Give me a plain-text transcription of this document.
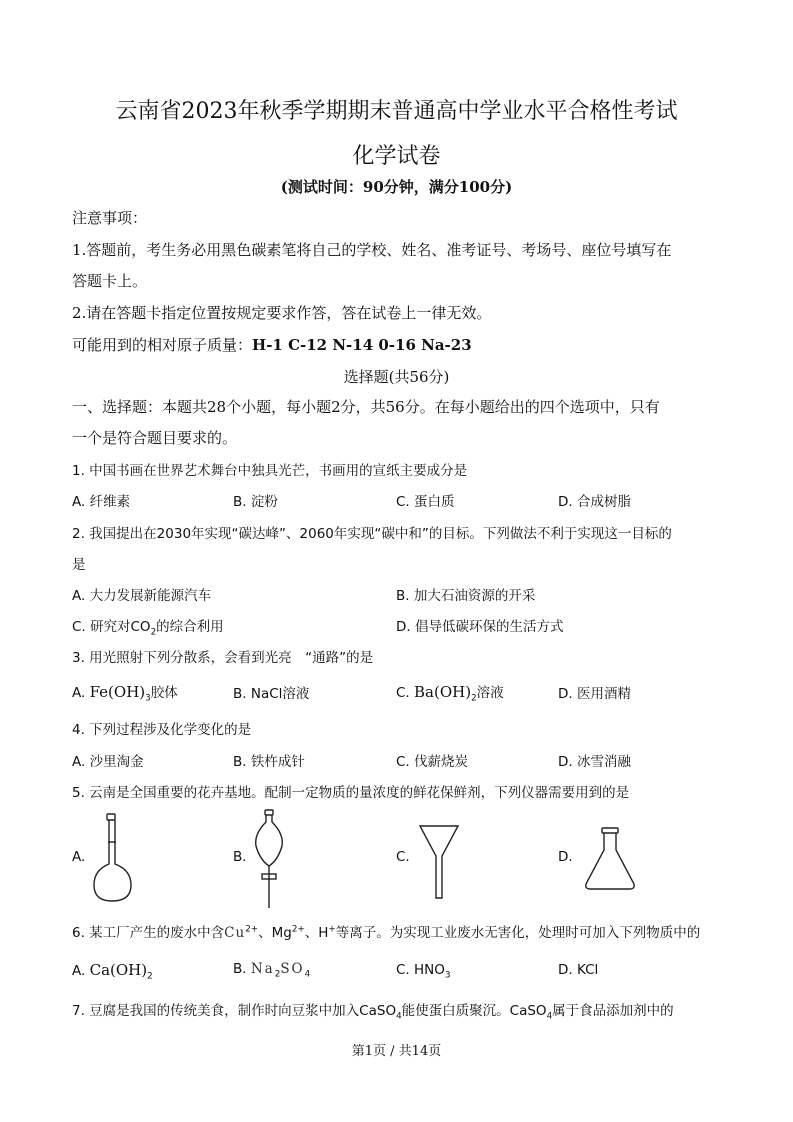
云南省2023年秋季学期期末普通高中学业水平合格性考试
化学试卷
(测试时间：90分钟，满分100分)
注意事项：
1.答题前，考生务必用黑色碳素笔将自己的学校、姓名、准考证号、考场号、座位号填写在
答题卡上。
2.请在答题卡指定位置按规定要求作答，答在试卷上一律无效。
可能用到的相对原子质量：H-1 C-12 N-14 0-16 Na-23
选择题(共56分)
一、选择题：本题共28个小题，每小题2分，共56分。在每小题给出的四个选项中，只有
一个是符合题目要求的。
1. 中国书画在世界艺术舞台中独具光芒，书画用的宣纸主要成分是
A. 纤维素	B. 淀粉	C. 蛋白质	D. 合成树脂
2. 我国提出在2030年实现“碳达峰”、2060年实现“碳中和”的目标。下列做法不利于实现这一目标的
是
A. 大力发展新能源汽车	B. 加大石油资源的开采
C. 研究对$CO_2$的综合利用	D. 倡导低碳环保的生活方式
3. 用光照射下列分散系，会看到光亮　“通路”的是
A. $Fe(OH)_3$胶体	B. NaCl溶液	C. $Ba(OH)_2$溶液	D. 医用酒精
4. 下列过程涉及化学变化的是
A. 沙里淘金	B. 铁杵成针	C. 伐薪烧炭	D. 冰雪消融
5. 云南是全国重要的花卉基地。配制一定物质的量浓度的鲜花保鲜剂，下列仪器需要用到的是
A.	B.	C.	D.
6. 某工厂产生的废水中含$Cu^{2+}$、$Mg^{2+}$、H+等离子。为实现工业废水无害化，处理时可加入下列物质中的
A. $Ca(OH)_2$	B. $Na_2SO_4$	C. $HNO_3$	D. KCl
7. 豆腐是我国的传统美食，制作时向豆浆中加入CaSO$_4$能使蛋白质聚沉。CaSO$_4$属于食品添加剂中的
第1页 / 共14页
